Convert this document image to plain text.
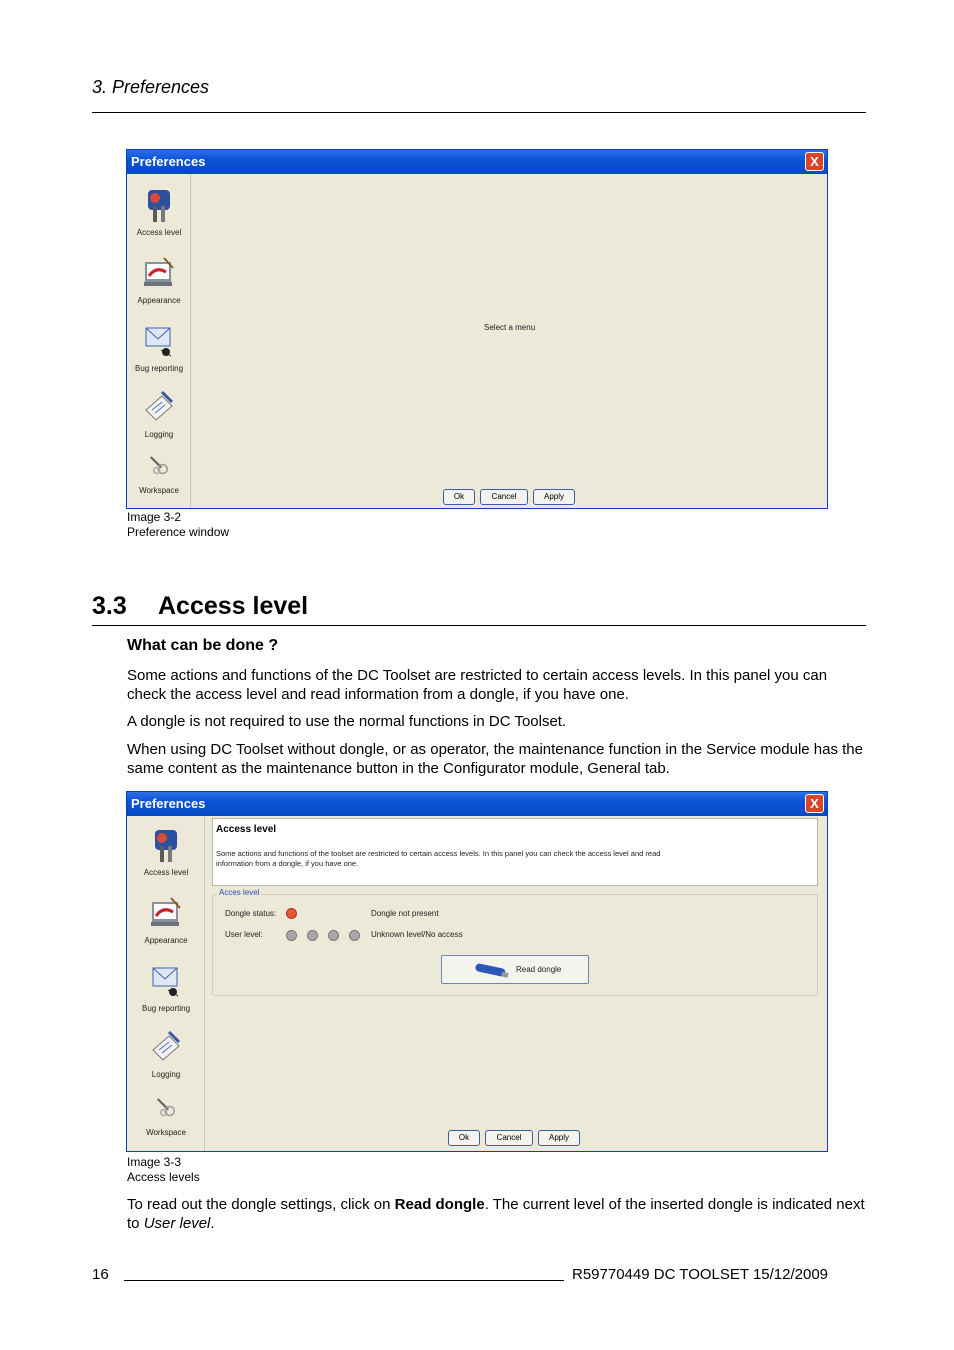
3. Preferences
Preferences	X
Access level
Appearance
Bug reporting
Logging
Workspace
Select a menu
Ok	Cancel	Apply
Image 3-2
Preference window
3.3 Access level
What can be done ?
Some actions and functions of the DC Toolset are restricted to certain access levels. In this panel you can check the access level and read information from a dongle, if you have one.
A dongle is not required to use the normal functions in DC Toolset.
When using DC Toolset without dongle, or as operator, the maintenance function in the Service module has the same content as the maintenance button in the Configurator module, General tab.
Preferences	X
Access level
Appearance
Bug reporting
Logging
Workspace
Access level
Some actions and functions of the toolset are restricted to certain access levels. In this panel you can check the access level and read
information from a dongle, if you have one.
Acces level
Dongle status:	Dongle not present
User level:	Unknown level/No access
Read dongle
Ok	Cancel	Apply
Image 3-3
Access levels
To read out the dongle settings, click on Read dongle. The current level of the inserted dongle is indicated next to User level.
16	R59770449 DC TOOLSET 15/12/2009
